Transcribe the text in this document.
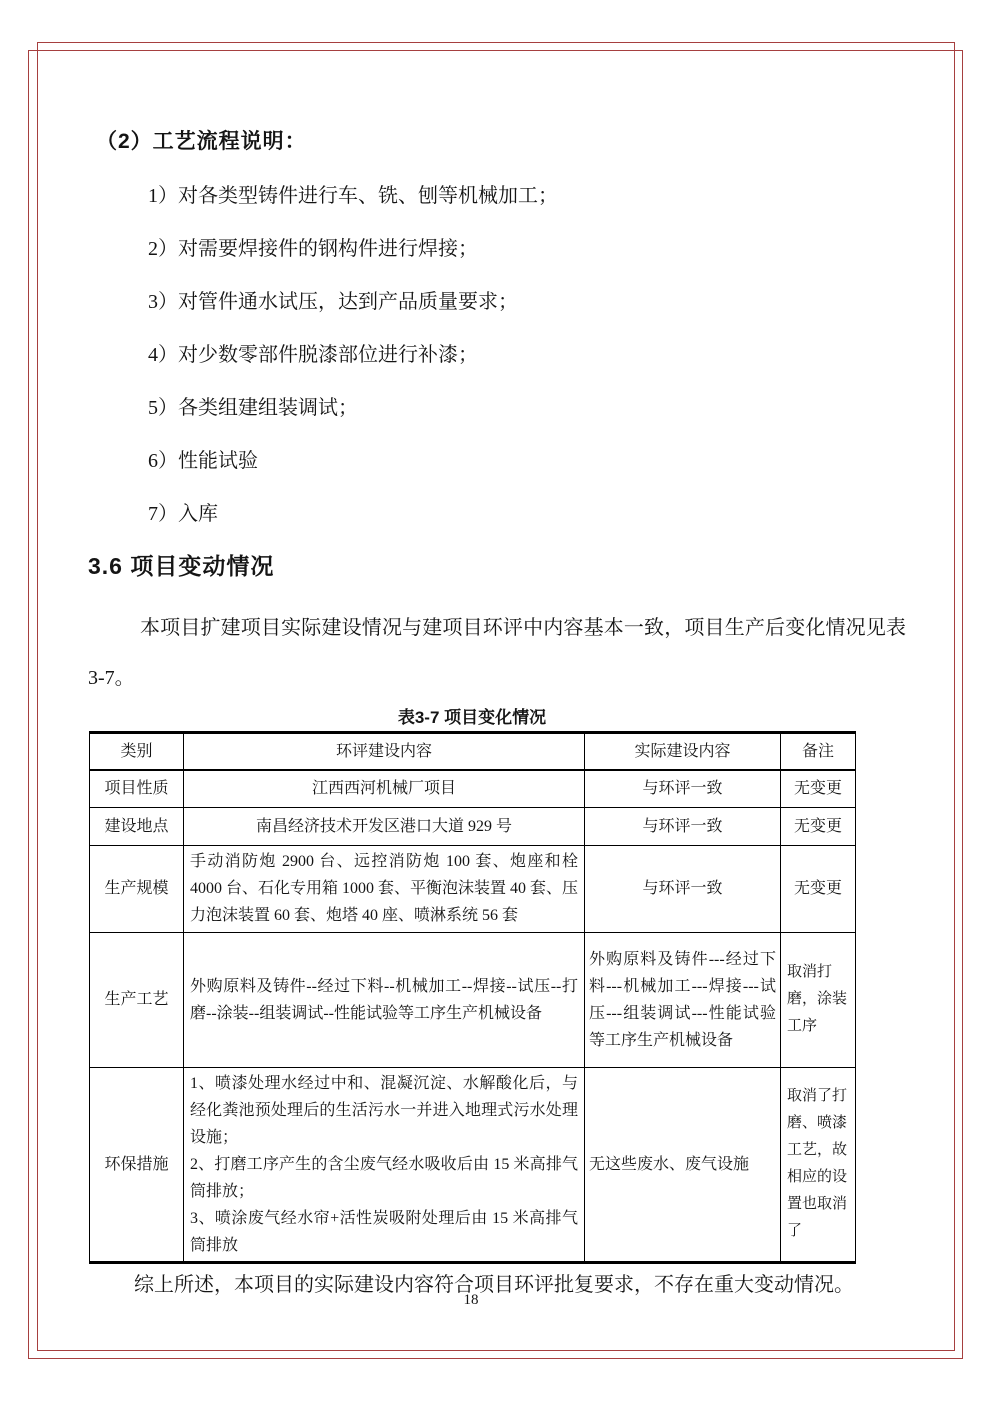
（2）工艺流程说明：
1）对各类型铸件进行车、铣、刨等机械加工；
2）对需要焊接件的钢构件进行焊接；
3）对管件通水试压，达到产品质量要求；
4）对少数零部件脱漆部位进行补漆；
5）各类组建组装调试；
6）性能试验
7）入库
3.6 项目变动情况

本项目扩建项目实际建设情况与建项目环评中内容基本一致，项目生产后变化情况见表 3-7。

表3-7 项目变化情况

类别	环评建设内容	实际建设内容	备注
项目性质	江西西河机械厂项目	与环评一致	无变更
建设地点	南昌经济技术开发区港口大道 929 号	与环评一致	无变更
生产规模	手动消防炮 2900 台、远控消防炮 100 套、炮座和栓 4000 台、石化专用箱 1000 套、平衡泡沫装置 40 套、压力泡沫装置 60 套、炮塔 40 座、喷淋系统 56 套	与环评一致	无变更
生产工艺	外购原料及铸件--经过下料--机械加工--焊接--试压--打磨--涂装--组装调试--性能试验等工序生产机械设备	外购原料及铸件---经过下料---机械加工---焊接---试压---组装调试---性能试验等工序生产机械设备	取消打磨，涂装工序
环保措施	1、喷漆处理水经过中和、混凝沉淀、水解酸化后，与经化粪池预处理后的生活污水一并进入地理式污水处理设施；

2、打磨工序产生的含尘废气经水吸收后由 15 米高排气筒排放；

3、喷涂废气经水帘+活性炭吸附处理后由 15 米高排气筒排放	无这些废水、废气设施	取消了打磨、喷漆工艺，故相应的设置也取消了

综上所述，本项目的实际建设内容符合项目环评批复要求，不存在重大变动情况。

18
